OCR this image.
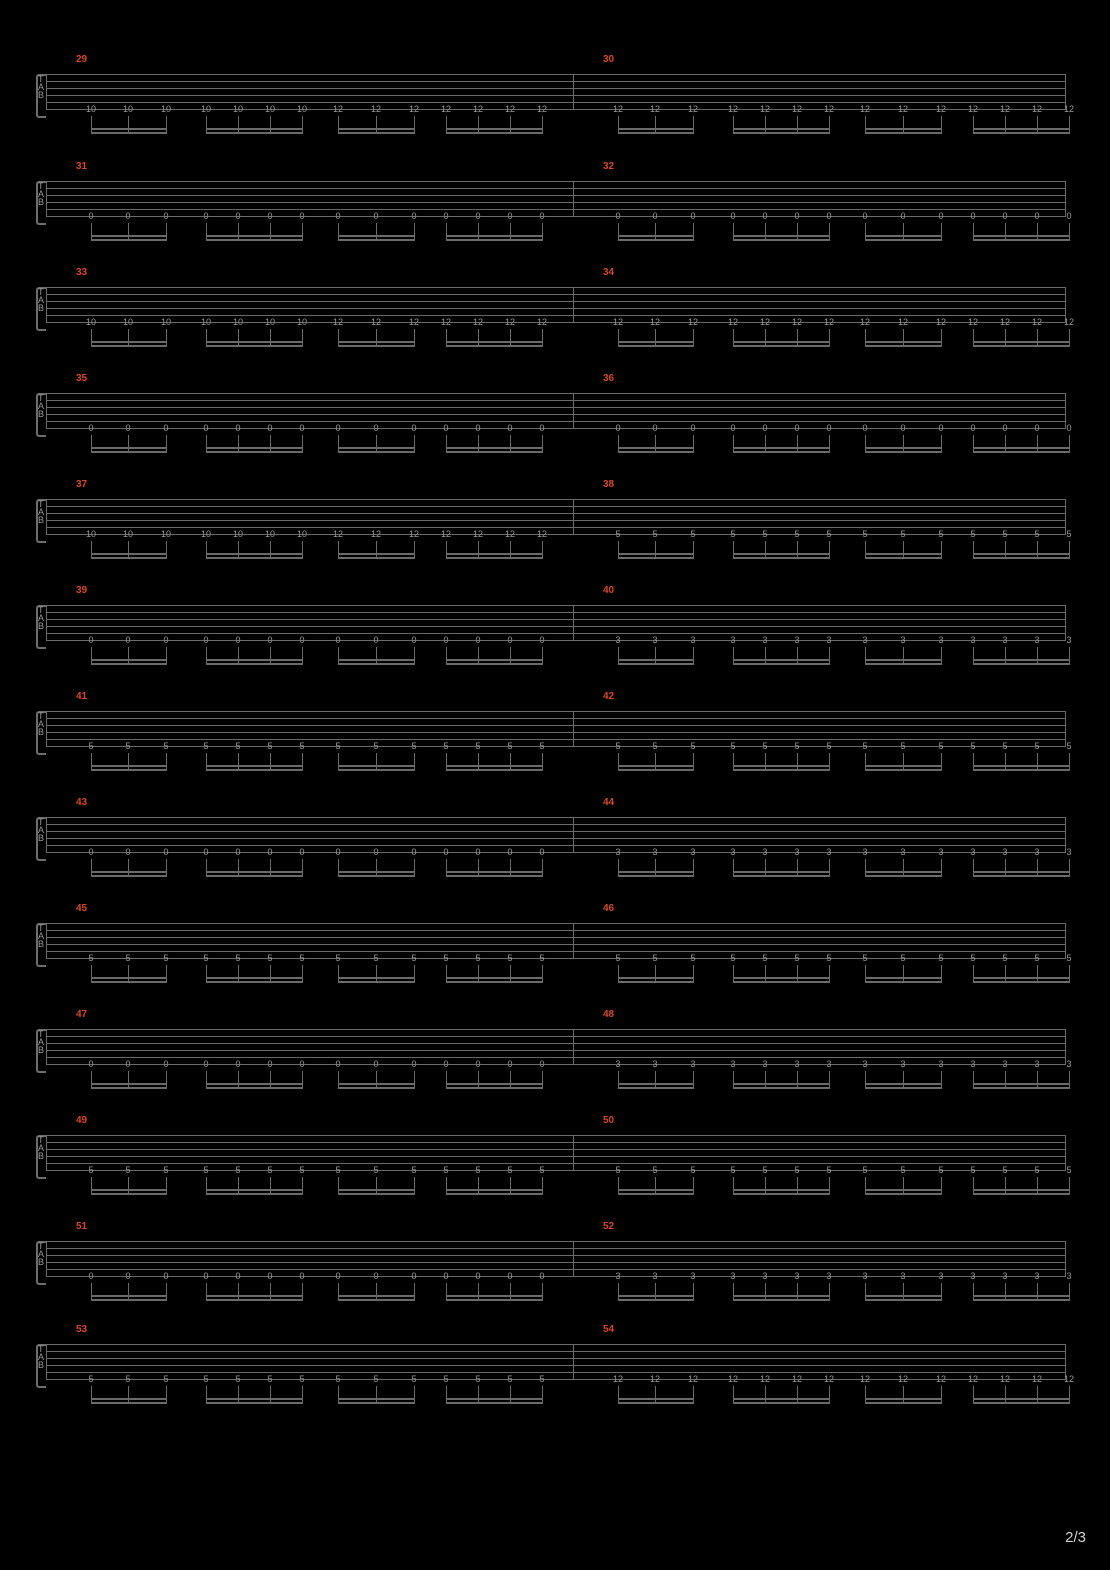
T
A
B
29
10	10	10	10 10 10 10	12	12	12 12 12 12 12
30
12	12	12	12 12 12 12	12	12	12 12 12 12 12
T
A
B
31
0	0	0	0	0	0	0	0	0	0	0	0	0	0
32
0	0	0	0	0	0	0	0	0	0	0	0	0	0
T
A
B
33
10	10	10	10 10 10 10	12	12	12 12 12 12 12
34
12	12	12	12 12 12 12	12	12	12 12 12 12 12
T
A
B
35
0	0	0	0	0	0	0	0	0	0	0	0	0	0
36
0	0	0	0	0	0	0	0	0	0	0	0	0	0
T
A
B
37
10	10	10	10 10 10 10	12	12	12 12 12 12 12
38
5	5	5	5	5	5	5	5	5	5	5	5	5	5
T
A
B
39
0	0	0	0	0	0	0	0	0	0	0	0	0	0
40
3	3	3	3	3	3	3	3	3	3	3	3	3	3
T
A
B
41
5	5	5	5	5	5	5	5	5	5	5	5	5	5
42
5	5	5	5	5	5	5	5	5	5	5	5	5	5
T
A
B
43
0	0	0	0	0	0	0	0	0	0	0	0	0	0
44
3	3	3	3	3	3	3	3	3	3	3	3	3	3
T
A
B
45
5	5	5	5	5	5	5	5	5	5	5	5	5	5
46
5	5	5	5	5	5	5	5	5	5	5	5	5	5
T
A
B
47
0	0	0	0	0	0	0	0	0	0	0	0	0	0
48
3	3	3	3	3	3	3	3	3	3	3	3	3	3
T
A
B
49
5	5	5	5	5	5	5	5	5	5	5	5	5	5
50
5	5	5	5	5	5	5	5	5	5	5	5	5	5
T
A
B
51
0	0	0	0	0	0	0	0	0	0	0	0	0	0
52
3	3	3	3	3	3	3	3	3	3	3	3	3	3
T
A
B
53
5	5	5	5	5	5	5	5	5	5	5	5	5	5
54
12	12	12	12 12 12 12	12	12	12 12 12 12 12
2/3
